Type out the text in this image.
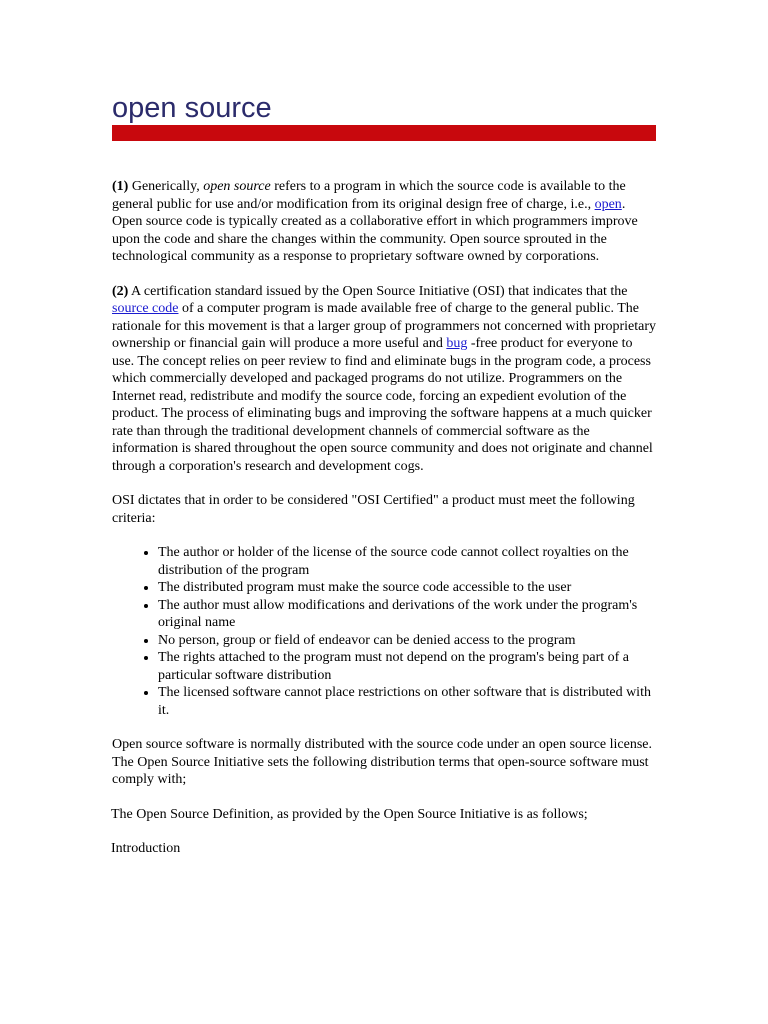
open source

(1) Generically, open source refers to a program in which the source code is available to the general public for use and/or modification from its original design free of charge, i.e., open. Open source code is typically created as a collaborative effort in which programmers improve upon the code and share the changes within the community. Open source sprouted in the technological community as a response to proprietary software owned by corporations.

(2) A certification standard issued by the Open Source Initiative (OSI) that indicates that the source code of a computer program is made available free of charge to the general public. The rationale for this movement is that a larger group of programmers not concerned with proprietary ownership or financial gain will produce a more useful and bug -free product for everyone to use. The concept relies on peer review to find and eliminate bugs in the program code, a process which commercially developed and packaged programs do not utilize. Programmers on the Internet read, redistribute and modify the source code, forcing an expedient evolution of the product. The process of eliminating bugs and improving the software happens at a much quicker rate than through the traditional development channels of commercial software as the information is shared throughout the open source community and does not originate and channel through a corporation's research and development cogs.

OSI dictates that in order to be considered "OSI Certified" a product must meet the following criteria:

• The author or holder of the license of the source code cannot collect royalties on the distribution of the program
• The distributed program must make the source code accessible to the user
• The author must allow modifications and derivations of the work under the program's original name
• No person, group or field of endeavor can be denied access to the program
• The rights attached to the program must not depend on the program's being part of a particular software distribution
• The licensed software cannot place restrictions on other software that is distributed with it.

Open source software is normally distributed with the source code under an open source license. The Open Source Initiative sets the following distribution terms that open-source software must comply with;

The Open Source Definition, as provided by the Open Source Initiative is as follows;

Introduction
